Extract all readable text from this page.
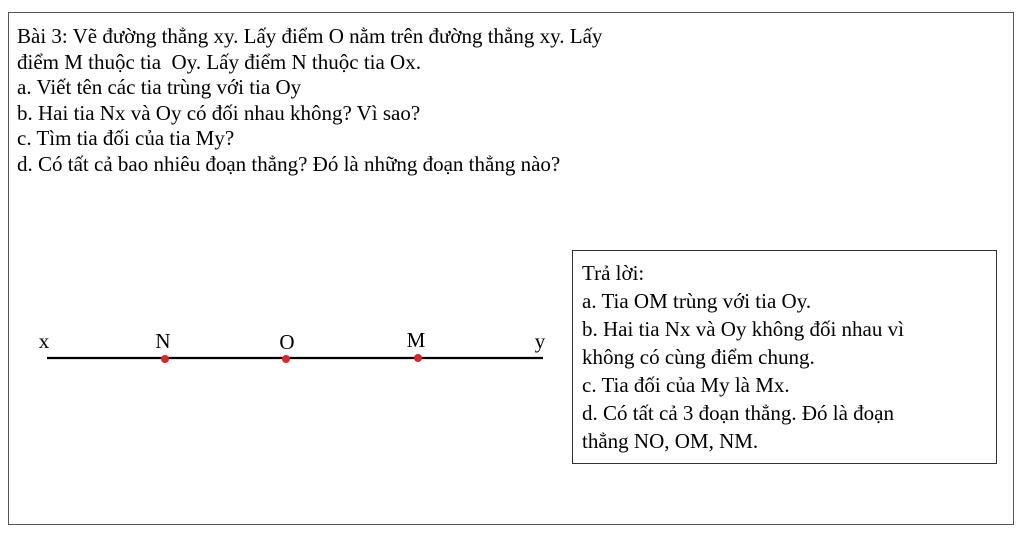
Bài 3: Vẽ đường thẳng xy. Lấy điểm O nằm trên đường thẳng xy. Lấy
điểm M thuộc tia  Oy. Lấy điểm N thuộc tia Ox.
a. Viết tên các tia trùng với tia Oy
b. Hai tia Nx và Oy có đối nhau không? Vì sao?
c. Tìm tia đối của tia My?
d. Có tất cả bao nhiêu đoạn thẳng? Đó là những đoạn thẳng nào?
x	y
N	O	M
Trả lời:
a. Tia OM trùng với tia Oy.
b. Hai tia Nx và Oy không đối nhau vì
không có cùng điểm chung.
c. Tia đối của My là Mx.
d. Có tất cả 3 đoạn thẳng. Đó là đoạn
thẳng NO, OM, NM.
